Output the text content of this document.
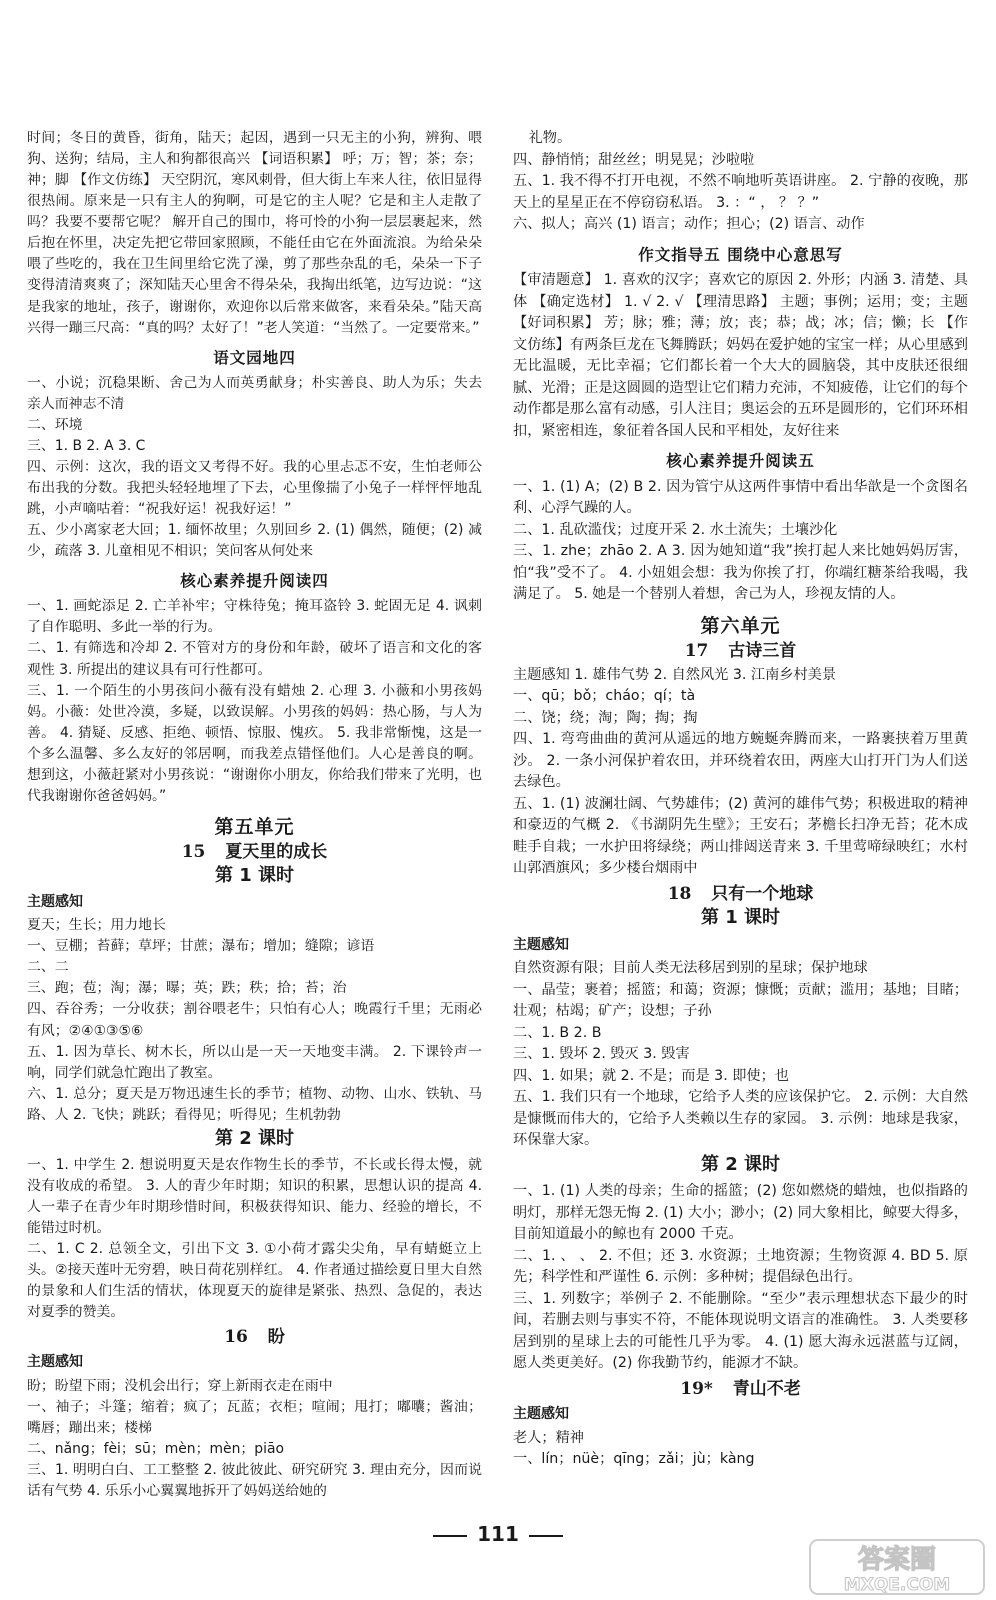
时间；冬日的黄昏，街角，陆天；起因，遇到一只无主的小狗，辨狗、喂狗、送狗；结局，主人和狗都很高兴 【词语积累】 呼；万；智；茶；奈；神；脚 【作文仿练】 天空阴沉，寒风刺骨，但大街上车来人往，依旧显得很热闹。原来是一只有主人的狗啊，可是它的主人呢？它是和主人走散了吗？我要不要帮它呢？ 解开自己的围巾，将可怜的小狗一层层裹起来，然后抱在怀里，决定先把它带回家照顾，不能任由它在外面流浪。为给朵朵喂了些吃的，我在卫生间里给它洗了澡，剪了那些杂乱的毛，朵朵一下子变得清清爽爽了；深知陆天心里舍不得朵朵，我掏出纸笔，边写边说：“这是我家的地址，孩子，谢谢你，欢迎你以后常来做客，来看朵朵。”陆天高兴得一蹦三尺高：“真的吗？太好了！”老人笑道：“当然了。一定要常来。”
语文园地四
一、小说；沉稳果断、舍己为人而英勇献身；朴实善良、助人为乐；失去亲人而神志不清
二、环境
三、1. B 2. A 3. C
四、示例：这次，我的语文又考得不好。我的心里忐忑不安，生怕老师公布出我的分数。我把头轻轻地埋了下去，心里像揣了小兔子一样怦怦地乱跳，小声嘀咕着：“祝我好运！祝我好运！”
五、少小离家老大回；1. 缅怀故里；久别回乡 2. (1) 偶然，随便；(2) 减少，疏落 3. 儿童相见不相识；笑问客从何处来
核心素养提升阅读四
一、1. 画蛇添足 2. 亡羊补牢；守株待兔；掩耳盗铃 3. 蛇固无足 4. 讽刺了自作聪明、多此一举的行为。
二、1. 有筛选和冷却 2. 不管对方的身份和年龄，破坏了语言和文化的客观性 3. 所提出的建议具有可行性都可。
三、1. 一个陌生的小男孩问小薇有没有蜡烛 2. 心理 3. 小薇和小男孩妈妈。小薇：处世冷漠，多疑，以致误解。小男孩的妈妈：热心肠，与人为善。 4. 猜疑、反感、拒绝、顿悟、惊服、愧疚。 5. 我非常惭愧，这是一个多么温馨、多么友好的邻居啊，而我差点错怪他们。人心是善良的啊。想到这，小薇赶紧对小男孩说：“谢谢你小朋友，你给我们带来了光明，也代我谢谢你爸爸妈妈。”
第五单元
15 夏天里的成长
第 1 课时
主题感知
夏天；生长；用力地长
一、豆棚；苔藓；草坪；甘蔗；瀑布；增加；缝隙；谚语
二、二
三、跑；苞；淘；瀑；曝；英；跌；秩；拾；苔；治
四、吞谷秀；一分收获；割谷喂老牛；只怕有心人；晚霞行千里；无雨必有风；②④①③⑤⑥
五、1. 因为草长、树木长，所以山是一天一天地变丰满。 2. 下课铃声一响，同学们就急忙跑出了教室。
六、1. 总分；夏天是万物迅速生长的季节；植物、动物、山水、铁轨、马路、人 2. 飞快；跳跃；看得见；听得见；生机勃勃
第 2 课时
一、1. 中学生 2. 想说明夏天是农作物生长的季节，不长或长得太慢，就没有收成的希望。 3. 人的青少年时期；知识的积累，思想认识的提高 4. 人一辈子在青少年时期珍惜时间，积极获得知识、能力、经验的增长，不能错过时机。
二、1. C 2. 总领全文，引出下文 3. ①小荷才露尖尖角，早有蜻蜓立上头。②接天莲叶无穷碧，映日荷花别样红。 4. 作者通过描绘夏日里大自然的景象和人们生活的情状，体现夏天的旋律是紧张、热烈、急促的，表达对夏季的赞美。
16 盼
主题感知
盼；盼望下雨；没机会出行；穿上新雨衣走在雨中
一、袖子；斗篷；缩着；疯了；瓦蓝；衣柜；喧闹；甩打；嘟囔；酱油；嘴唇；蹦出来；楼梯
二、nǎng；fèi；sū；mèn；mèn；piāo
三、1. 明明白白、工工整整 2. 彼此彼此、研究研究 3. 理由充分，因而说话有气势 4. 乐乐小心翼翼地拆开了妈妈送给她的
礼物。
四、静悄悄；甜丝丝；明晃晃；沙啦啦
五、1. 我不得不打开电视，不然不响地听英语讲座。 2. 宁静的夜晚，那天上的星星正在不停窃窃私语。 3. ：“ ， ？ ？”
六、拟人；高兴 (1) 语言；动作；担心；(2) 语言、动作
作文指导五 围绕中心意思写
【审清题意】 1. 喜欢的汉字；喜欢它的原因 2. 外形；内涵 3. 清楚、具体 【确定选材】 1. √ 2. √ 【理清思路】 主题；事例；运用；变；主题 【好词积累】 芳；脉；雅；薄；放；丧；恭；战；冰；信；懒；长 【作文仿练】有两条巨龙在飞舞腾跃；妈妈在爱护她的宝宝一样；从心里感到无比温暖，无比幸福；它们都长着一个大大的圆脑袋，其中皮肤还很细腻、光滑；正是这圆圆的造型让它们精力充沛，不知疲倦，让它们的每个动作都是那么富有动感，引人注目；奥运会的五环是圆形的，它们环环相扣，紧密相连，象征着各国人民和平相处，友好往来
核心素养提升阅读五
一、1. (1) A；(2) B 2. 因为管宁从这两件事情中看出华歆是一个贪图名利、心浮气躁的人。
二、1. 乱砍滥伐；过度开采 2. 水土流失；土壤沙化
三、1. zhe；zhāo 2. A 3. 因为她知道“我”挨打起人来比她妈妈厉害，怕“我”受不了。 4. 小妞姐会想：我为你挨了打，你端红糖茶给我喝，我满足了。 5. 她是一个替别人着想，舍己为人，珍视友情的人。
第六单元
17 古诗三首
主题感知 1. 雄伟气势 2. 自然风光 3. 江南乡村美景
一、qū；bǒ；cháo；qí；tà
二、饶；绕；淘；陶；掏；掏
四、1. 弯弯曲曲的黄河从遥远的地方蜿蜒奔腾而来，一路裹挟着万里黄沙。 2. 一条小河保护着农田，并环绕着农田，两座大山打开门为人们送去绿色。
五、1. (1) 波澜壮阔、气势雄伟；(2) 黄河的雄伟气势；积极进取的精神和豪迈的气概 2. 《书湖阴先生壁》；王安石；茅檐长扫净无苔；花木成畦手自栽；一水护田将绿绕；两山排闼送青来 3. 千里莺啼绿映红；水村山郭酒旗风；多少楼台烟雨中
18 只有一个地球
第 1 课时
主题感知
自然资源有限；目前人类无法移居到别的星球；保护地球
一、晶莹；裹着；摇篮；和蔼；资源；慷慨；贡献；滥用；基地；目睹；壮观；枯竭；矿产；设想；子孙
二、1. B 2. B
三、1. 毁坏 2. 毁灭 3. 毁害
四、1. 如果；就 2. 不是；而是 3. 即使；也
五、1. 我们只有一个地球，它给予人类的应该保护它。 2. 示例：大自然是慷慨而伟大的，它给予人类赖以生存的家园。 3. 示例：地球是我家，环保靠大家。
第 2 课时
一、1. (1) 人类的母亲；生命的摇篮；(2) 您如燃烧的蜡烛，也似指路的明灯，那样无怨无悔 2. (1) 大小；渺小；(2) 同大象相比，鲸要大得多，目前知道最小的鲸也有 2000 千克。
二、1. 、 、 2. 不但；还 3. 水资源；土地资源；生物资源 4. BD 5. 原先；科学性和严谨性 6. 示例：多种树；提倡绿色出行。
三、1. 列数字；举例子 2. 不能删除。“至少”表示理想状态下最少的时间，若删去则与事实不符，不能体现说明文语言的准确性。 3. 人类要移居到别的星球上去的可能性几乎为零。 4. (1) 愿大海永远湛蓝与辽阔，愿人类更美好。(2) 你我勤节约，能源才不缺。
19* 青山不老
主题感知
老人；精神
一、lín；nüè；qīng；zǎi；jù；kàng
111
答案圈
MXQE.COM
